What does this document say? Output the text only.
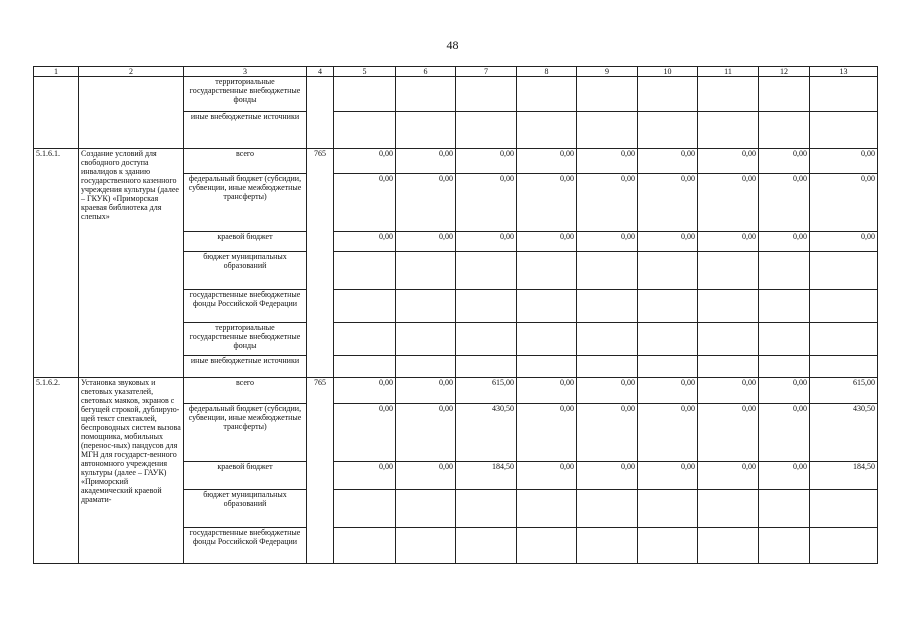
48
1	2	3	4	5	6	7	8	9	10	11	12	13
		территориальные государственные внебюджетные фонды										
		иные внебюджетные источники										
5.1.6.1.	Создание условий для свободного доступа инвалидов к зданию государственного казенного учреждения культуры (далее – ГКУК) «Приморская краевая библиотека для слепых»	всего	765	0,00	0,00	0,00	0,00	0,00	0,00	0,00	0,00	0,00
		федеральный бюджет (субсидии, субвенции, иные межбюджетные трансферты)		0,00	0,00	0,00	0,00	0,00	0,00	0,00	0,00	0,00
		краевой бюджет		0,00	0,00	0,00	0,00	0,00	0,00	0,00	0,00	0,00
		бюджет муниципальных образований										
		государственные внебюджетные фонды Российской Федерации										
		территориальные государственные внебюджетные фонды										
		иные внебюджетные источники										
5.1.6.2.	Установка звуковых и световых указателей, световых маяков, экранов с бегущей строкой, дублирую-щей текст спектаклей, беспроводных систем вызова помощника, мобильных (перенос-ных) пандусов для МГН для государст-венного автономного учреждения культуры (далее – ГАУК) «Приморский академический краевой драмати-	всего	765	0,00	0,00	615,00	0,00	0,00	0,00	0,00	0,00	615,00
		федеральный бюджет (субсидии, субвенции, иные межбюджетные трансферты)		0,00	0,00	430,50	0,00	0,00	0,00	0,00	0,00	430,50
		краевой бюджет		0,00	0,00	184,50	0,00	0,00	0,00	0,00	0,00	184,50
		бюджет муниципальных образований										
		государственные внебюджетные фонды Российской Федерации										
